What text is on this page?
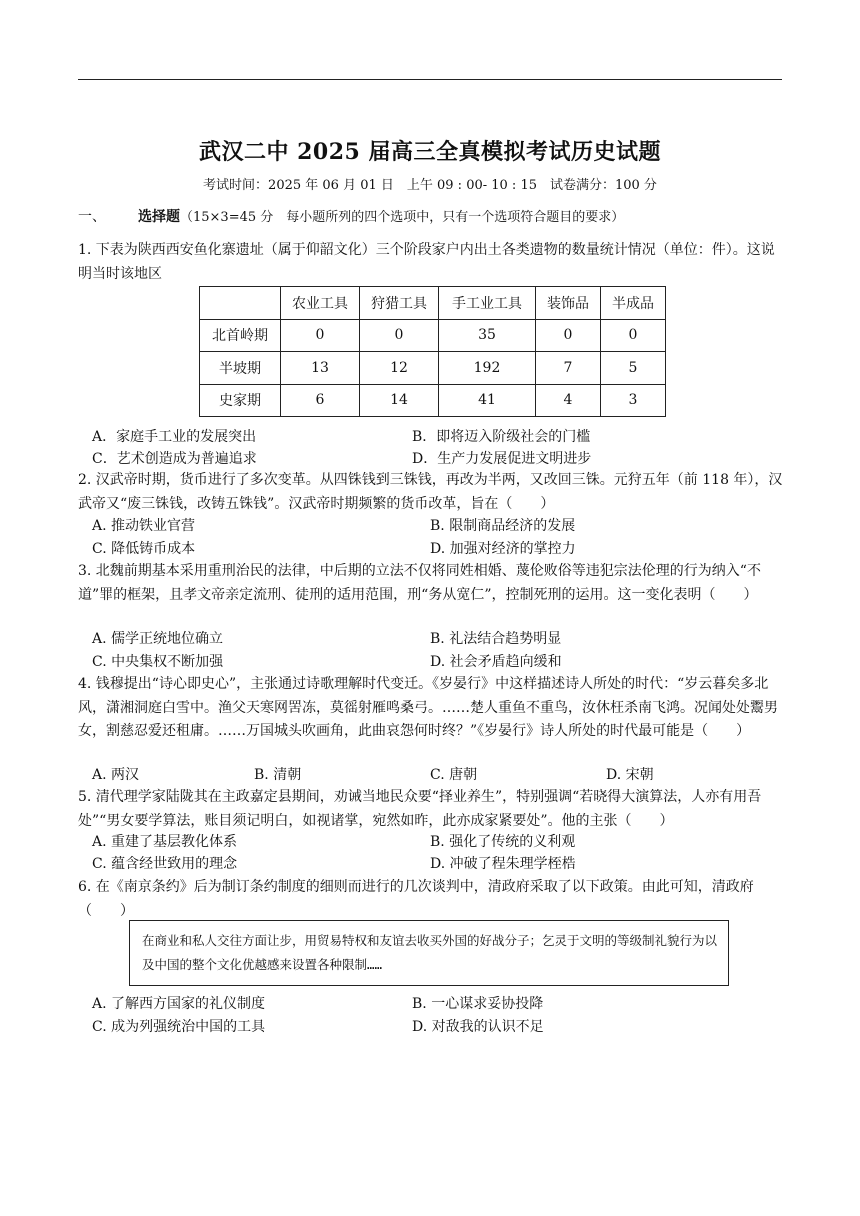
武汉二中 2025 届高三全真模拟考试历史试题
考试时间：2025 年 06 月 01 日　上午 09 : 00- 10 : 15　试卷满分：100 分
一、 选择题（15×3=45 分　每小题所列的四个选项中，只有一个选项符合题目的要求）
1. 下表为陕西西安鱼化寨遗址（属于仰韶文化）三个阶段家户内出土各类遗物的数量统计情况（单位：件）。这说明当时该地区
	农业工具	狩猎工具	手工业工具	装饰品	半成品
北首岭期	0	0	35	0	0
半坡期	13	12	192	7	5
史家期	6	14	41	4	3
A．家庭手工业的发展突出	B．即将迈入阶级社会的门槛
C．艺术创造成为普遍追求	D．生产力发展促进文明进步
2. 汉武帝时期，货币进行了多次变革。从四铢钱到三铢钱，再改为半两，又改回三铢。元狩五年（前 118 年），汉武帝又“废三铢钱，改铸五铢钱”。汉武帝时期频繁的货币改革，旨在（　　）
A. 推动铁业官营	B. 限制商品经济的发展
C. 降低铸币成本	D. 加强对经济的掌控力
3. 北魏前期基本采用重刑治民的法律，中后期的立法不仅将同姓相婚、蔑伦败俗等违犯宗法伦理的行为纳入“不道”罪的框架，且孝文帝亲定流刑、徒刑的适用范围，刑“务从宽仁”，控制死刑的运用。这一变化表明（　　）
A. 儒学正统地位确立	B. 礼法结合趋势明显
C. 中央集权不断加强	D. 社会矛盾趋向缓和
4. 钱穆提出“诗心即史心”，主张通过诗歌理解时代变迁。《岁晏行》中这样描述诗人所处的时代：“岁云暮矣多北风，潇湘洞庭白雪中。渔父天寒网罟冻，莫徭射雁鸣桑弓。……楚人重鱼不重鸟，汝休枉杀南飞鸿。况闻处处鬻男女，割慈忍爱还租庸。……万国城头吹画角，此曲哀怨何时终？”《岁晏行》诗人所处的时代最可能是（　　）
A. 两汉	B. 清朝	C. 唐朝	D. 宋朝
5. 清代理学家陆陇其在主政嘉定县期间，劝诫当地民众要“择业养生”，特别强调“若晓得大演算法，人亦有用吾处”“男女要学算法，账目须记明白，如视诸掌，宛然如昨，此亦成家紧要处”。他的主张（　　）
A. 重建了基层教化体系	B. 强化了传统的义利观
C. 蕴含经世致用的理念	D. 冲破了程朱理学桎梏
6. 在《南京条约》后为制订条约制度的细则而进行的几次谈判中，清政府采取了以下政策。由此可知，清政府（　　）
在商业和私人交往方面让步，用贸易特权和友谊去收买外国的好战分子；乞灵于文明的等级制礼貌行为以及中国的整个文化优越感来设置各种限制……
A. 了解西方国家的礼仪制度	B. 一心谋求妥协投降
C. 成为列强统治中国的工具	D. 对敌我的认识不足
